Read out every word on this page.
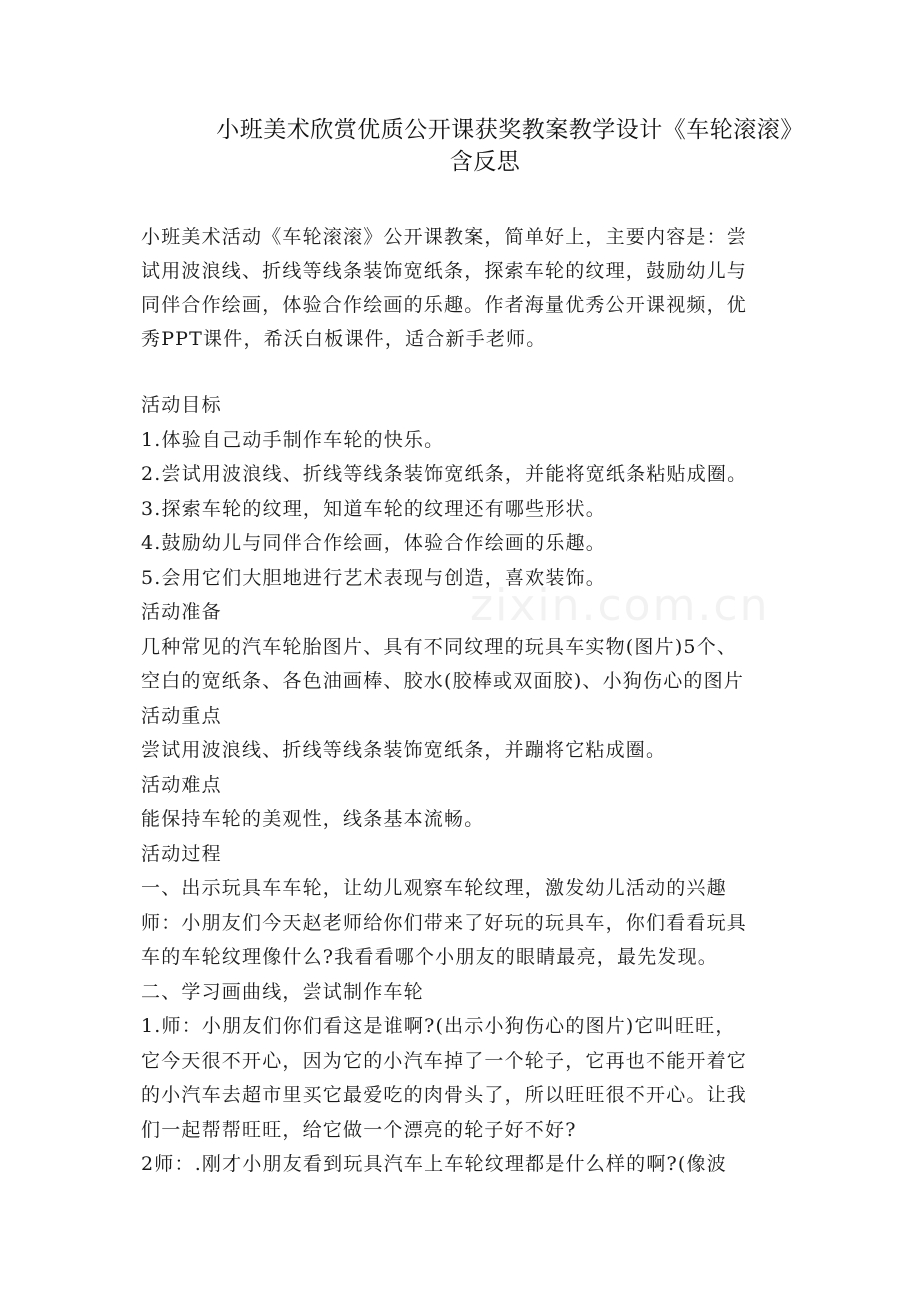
小班美术欣赏优质公开课获奖教案教学设计《车轮滚滚》
含反思

小班美术活动《车轮滚滚》公开课教案，简单好上，主要内容是：尝

试用波浪线、折线等线条装饰宽纸条，探索车轮的纹理，鼓励幼儿与

同伴合作绘画，体验合作绘画的乐趣。作者海量优秀公开课视频，优

秀PPT课件，希沃白板课件，适合新手老师。

活动目标

1.体验自己动手制作车轮的快乐。

2.尝试用波浪线、折线等线条装饰宽纸条，并能将宽纸条粘贴成圈。

3.探索车轮的纹理，知道车轮的纹理还有哪些形状。

4.鼓励幼儿与同伴合作绘画，体验合作绘画的乐趣。

5.会用它们大胆地进行艺术表现与创造，喜欢装饰。

活动准备

几种常见的汽车轮胎图片、具有不同纹理的玩具车实物(图片)5个、

空白的宽纸条、各色油画棒、胶水(胶棒或双面胶)、小狗伤心的图片

活动重点

尝试用波浪线、折线等线条装饰宽纸条，并蹦将它粘成圈。

活动难点

能保持车轮的美观性，线条基本流畅。

活动过程

一、出示玩具车车轮，让幼儿观察车轮纹理，激发幼儿活动的兴趣

师：小朋友们今天赵老师给你们带来了好玩的玩具车，你们看看玩具

车的车轮纹理像什么?我看看哪个小朋友的眼睛最亮，最先发现。

二、学习画曲线，尝试制作车轮

1.师：小朋友们你们看这是谁啊?(出示小狗伤心的图片)它叫旺旺，

它今天很不开心，因为它的小汽车掉了一个轮子，它再也不能开着它

的小汽车去超市里买它最爱吃的肉骨头了，所以旺旺很不开心。让我

们一起帮帮旺旺，给它做一个漂亮的轮子好不好?

2师：.刚才小朋友看到玩具汽车上车轮纹理都是什么样的啊?(像波

zixin.com.cn
